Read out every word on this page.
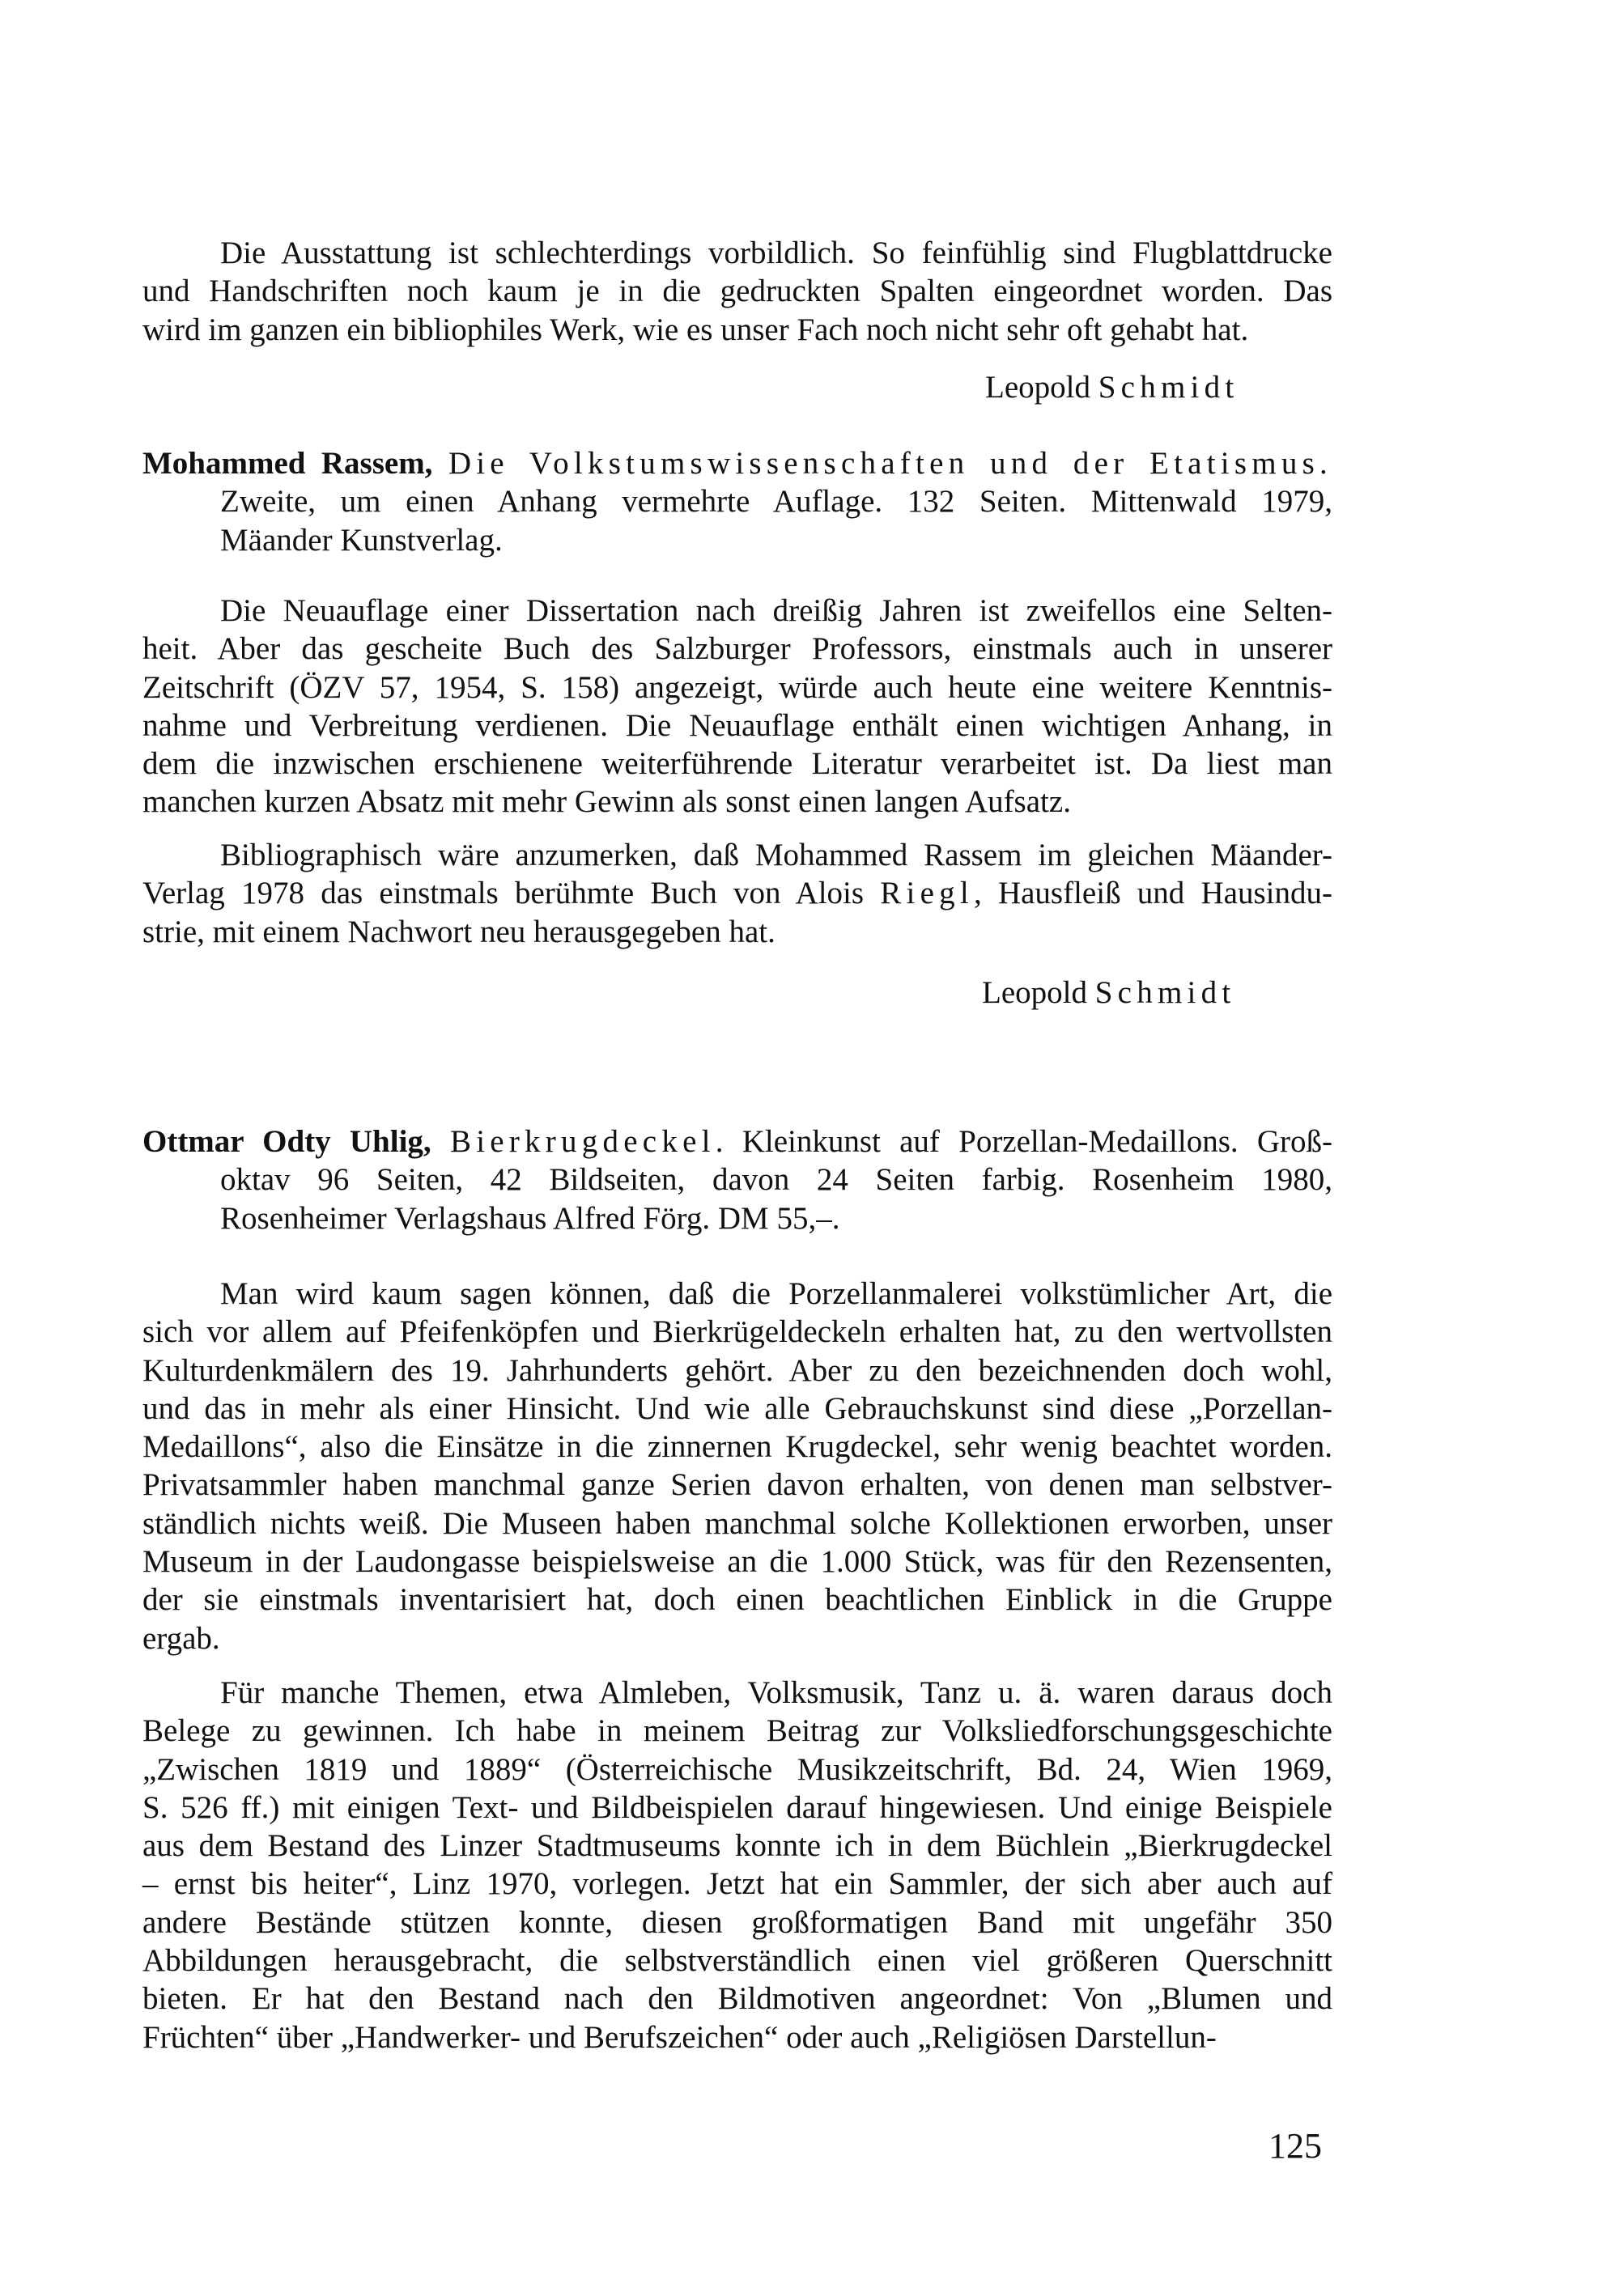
Leopold Schmidt
Leopold Schmidt
125
Die Ausstattung ist schlechterdings vorbildlich. So feinfühlig sind Flugblattdrucke
und Handschriften noch kaum je in die gedruckten Spalten eingeordnet worden. Das
wird im ganzen ein bibliophiles Werk, wie es unser Fach noch nicht sehr oft gehabt hat.
Mohammed Rassem, Die Volkstumswissenschaften und der Etatismus.
Zweite, um einen Anhang vermehrte Auflage. 132 Seiten. Mittenwald 1979,
Mäander Kunstverlag.
Die Neuauflage einer Dissertation nach dreißig Jahren ist zweifellos eine Selten-
heit. Aber das gescheite Buch des Salzburger Professors, einstmals auch in unserer
Zeitschrift (ÖZV 57, 1954, S. 158) angezeigt, würde auch heute eine weitere Kenntnis-
nahme und Verbreitung verdienen. Die Neuauflage enthält einen wichtigen Anhang, in
dem die inzwischen erschienene weiterführende Literatur verarbeitet ist. Da liest man
manchen kurzen Absatz mit mehr Gewinn als sonst einen langen Aufsatz.
Bibliographisch wäre anzumerken, daß Mohammed Rassem im gleichen Mäander-
Verlag 1978 das einstmals berühmte Buch von Alois Riegl, Hausfleiß und Hausindu-
strie, mit einem Nachwort neu herausgegeben hat.
Ottmar Odty Uhlig, Bierkrugdeckel. Kleinkunst auf Porzellan-Medaillons. Groß-
oktav 96 Seiten, 42 Bildseiten, davon 24 Seiten farbig. Rosenheim 1980,
Rosenheimer Verlagshaus Alfred Förg. DM 55,–.
Man wird kaum sagen können, daß die Porzellanmalerei volkstümlicher Art, die
sich vor allem auf Pfeifenköpfen und Bierkrügeldeckeln erhalten hat, zu den wertvollsten
Kulturdenkmälern des 19. Jahrhunderts gehört. Aber zu den bezeichnenden doch wohl,
und das in mehr als einer Hinsicht. Und wie alle Gebrauchskunst sind diese „Porzellan-
Medaillons“, also die Einsätze in die zinnernen Krugdeckel, sehr wenig beachtet worden.
Privatsammler haben manchmal ganze Serien davon erhalten, von denen man selbstver-
ständlich nichts weiß. Die Museen haben manchmal solche Kollektionen erworben, unser
Museum in der Laudongasse beispielsweise an die 1.000 Stück, was für den Rezensenten,
der sie einstmals inventarisiert hat, doch einen beachtlichen Einblick in die Gruppe
ergab.
Für manche Themen, etwa Almleben, Volksmusik, Tanz u. ä. waren daraus doch
Belege zu gewinnen. Ich habe in meinem Beitrag zur Volksliedforschungsgeschichte
„Zwischen 1819 und 1889“ (Österreichische Musikzeitschrift, Bd. 24, Wien 1969,
S. 526 ff.) mit einigen Text- und Bildbeispielen darauf hingewiesen. Und einige Beispiele
aus dem Bestand des Linzer Stadtmuseums konnte ich in dem Büchlein „Bierkrugdeckel
– ernst bis heiter“, Linz 1970, vorlegen. Jetzt hat ein Sammler, der sich aber auch auf
andere Bestände stützen konnte, diesen großformatigen Band mit ungefähr 350
Abbildungen herausgebracht, die selbstverständlich einen viel größeren Querschnitt
bieten. Er hat den Bestand nach den Bildmotiven angeordnet: Von „Blumen und
Früchten“ über „Handwerker- und Berufszeichen“ oder auch „Religiösen Darstellun-
